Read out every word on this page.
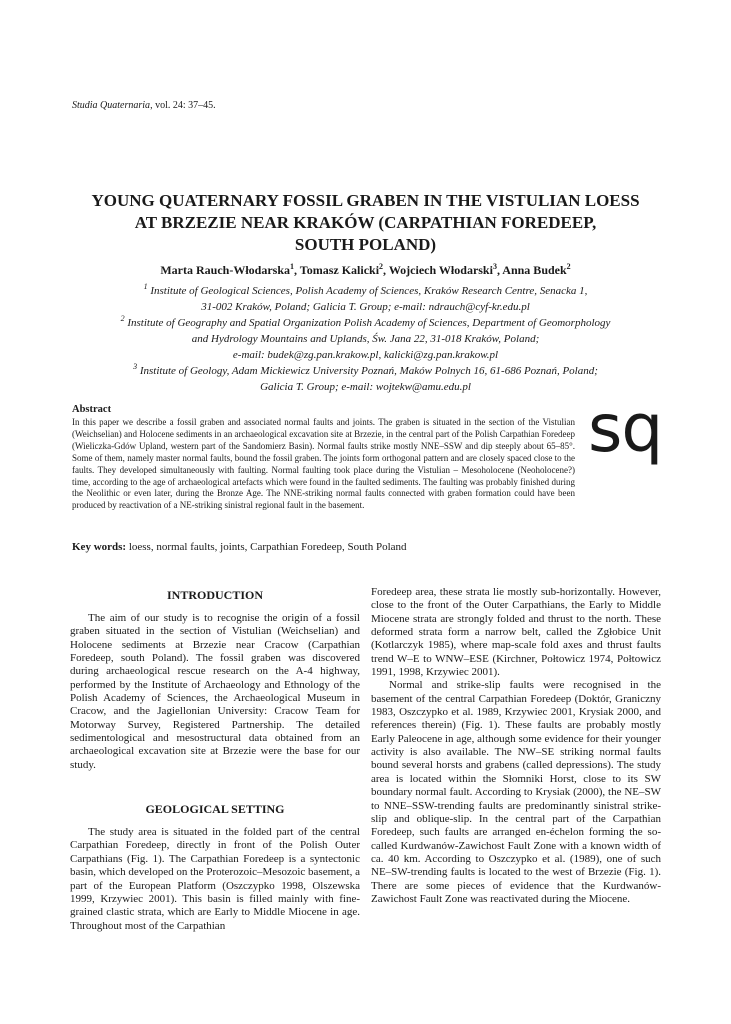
Studia Quaternaria, vol. 24: 37–45.
YOUNG QUATERNARY FOSSIL GRABEN IN THE VISTULIAN LOESS
AT BRZEZIE NEAR KRAKÓW (CARPATHIAN FOREDEEP,
SOUTH POLAND)
Marta Rauch-Włodarska$^1$, Tomasz Kalicki$^2$, Wojciech Włodarski$^3$, Anna Budek$^2$
$^1$ Institute of Geological Sciences, Polish Academy of Sciences, Kraków Research Centre, Senacka 1,
31-002 Kraków, Poland; Galicia T. Group; e-mail: ndrauch@cyf-kr.edu.pl
$^2$ Institute of Geography and Spatial Organization Polish Academy of Sciences, Department of Geomorphology
and Hydrology Mountains and Uplands, Św. Jana 22, 31-018 Kraków, Poland;
e-mail: budek@zg.pan.krakow.pl, kalicki@zg.pan.krakow.pl
$^3$ Institute of Geology, Adam Mickiewicz University Poznań, Maków Polnych 16, 61-686 Poznań, Poland;
Galicia T. Group; e-mail: wojtekw@amu.edu.pl
Abstract

In this paper we describe a fossil graben and associated normal faults and joints. The graben is situated in the section of the Vistulian (Weichselian) and Holocene sediments in an archaeological excavation site at Brzezie, in the central part of the Polish Carpathian Foredeep (Wieliczka-Gdów Upland, western part of the Sandomierz Basin). Normal faults strike mostly NNE–SSW and dip steeply about 65–85°. Some of them, namely master normal faults, bound the fossil graben. The joints form orthogonal pattern and are closely spaced close to the faults. They developed simultaneously with faulting. Normal faulting took place during the Vistulian – Mesoholocene (Neoholocene?) time, according to the age of archaeological artefacts which were found in the faulted sediments. The faulting was probably finished during the Neolithic or even later, during the Bronze Age. The NNE-striking normal faults connected with graben formation could have been produced by reactivation of a NE-striking sinistral regional fault in the basement.

sq
Key words: loess, normal faults, joints, Carpathian Foredeep, South Poland
INTRODUCTION

The aim of our study is to recognise the origin of a fossil graben situated in the section of Vistulian (Weichselian) and Holocene sediments at Brzezie near Cracow (Carpathian Foredeep, south Poland). The fossil graben was discovered during archaeological rescue research on the A-4 highway, performed by the Institute of Archaeology and Ethnology of the Polish Academy of Sciences, the Archaeological Museum in Cracow, and the Jagiellonian University: Cracow Team for Motorway Survey, Registered Partnership. The detailed sedimentological and mesostructural data obtained from an archaeological excavation site at Brzezie were the base for our study.

GEOLOGICAL SETTING

The study area is situated in the folded part of the central Carpathian Foredeep, directly in front of the Polish Outer Carpathians (Fig. 1). The Carpathian Foredeep is a syntectonic basin, which developed on the Proterozoic–Mesozoic basement, a part of the European Platform (Oszczypko 1998, Olszewska 1999, Krzywiec 2001). This basin is filled mainly with fine-grained clastic strata, which are Early to Middle Miocene in age. Throughout most of the Carpathian

Foredeep area, these strata lie mostly sub-horizontally. However, close to the front of the Outer Carpathians, the Early to Middle Miocene strata are strongly folded and thrust to the north. These deformed strata form a narrow belt, called the Zgłobice Unit (Kotlarczyk 1985), where map-scale fold axes and thrust faults trend W–E to WNW–ESE (Kirchner, Połtowicz 1974, Połtowicz 1991, 1998, Krzywiec 2001).

Normal and strike-slip faults were recognised in the basement of the central Carpathian Foredeep (Doktór, Graniczny 1983, Oszczypko et al. 1989, Krzywiec 2001, Krysiak 2000, and references therein) (Fig. 1). These faults are probably mostly Early Paleocene in age, although some evidence for their younger activity is also available. The NW–SE striking normal faults bound several horsts and grabens (called depressions). The study area is located within the Słomniki Horst, close to its SW boundary normal fault. According to Krysiak (2000), the NE–SW to NNE–SSW-trending faults are predominantly sinistral strike-slip and oblique-slip. In the central part of the Carpathian Foredeep, such faults are arranged en-échelon forming the so-called Kurdwanów-Zawichost Fault Zone with a known width of ca. 40 km. According to Oszczypko et al. (1989), one of such NE–SW-trending faults is located to the west of Brzezie (Fig. 1). There are some pieces of evidence that the Kurdwanów-Zawichost Fault Zone was reactivated during the Miocene.
